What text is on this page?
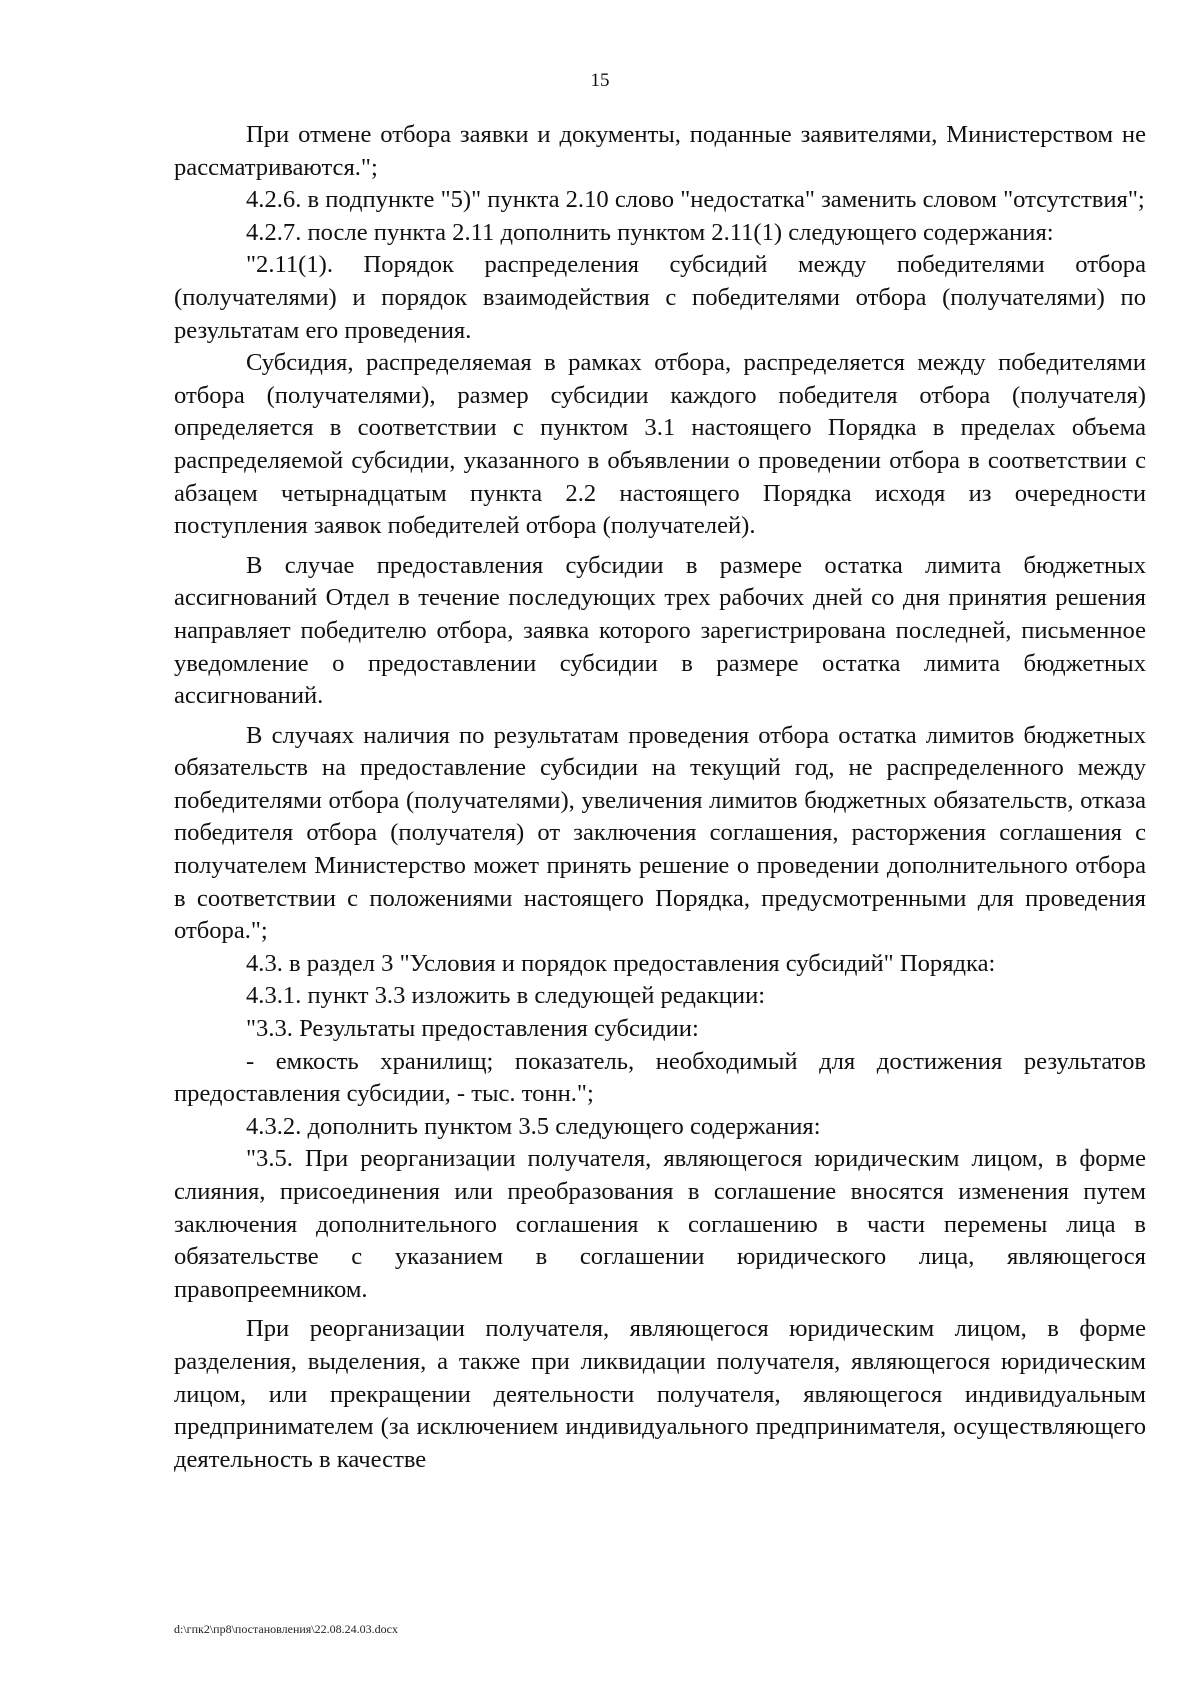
15

При отмене отбора заявки и документы, поданные заявителями, Министерством не рассматриваются.";

4.2.6. в подпункте "5)" пункта 2.10 слово "недостатка" заменить словом "отсутствия";

4.2.7. после пункта 2.11 дополнить пунктом 2.11(1) следующего содержания:

"2.11(1). Порядок распределения субсидий между победителями отбора (получателями) и порядок взаимодействия с победителями отбора (получателями) по результатам его проведения.

Субсидия, распределяемая в рамках отбора, распределяется между победителями отбора (получателями), размер субсидии каждого победителя отбора (получателя) определяется в соответствии с пунктом 3.1 настоящего Порядка в пределах объема распределяемой субсидии, указанного в объявлении о проведении отбора в соответствии с абзацем четырнадцатым пункта 2.2 настоящего Порядка исходя из очередности поступления заявок победителей отбора (получателей).

В случае предоставления субсидии в размере остатка лимита бюджетных ассигнований Отдел в течение последующих трех рабочих дней со дня принятия решения направляет победителю отбора, заявка которого зарегистрирована последней, письменное уведомление о предоставлении субсидии в размере остатка лимита бюджетных ассигнований.

В случаях наличия по результатам проведения отбора остатка лимитов бюджетных обязательств на предоставление субсидии на текущий год, не распределенного между победителями отбора (получателями), увеличения лимитов бюджетных обязательств, отказа победителя отбора (получателя) от заключения соглашения, расторжения соглашения с получателем Министерство может принять решение о проведении дополнительного отбора в соответствии с положениями настоящего Порядка, предусмотренными для проведения отбора.";

4.3. в раздел 3 "Условия и порядок предоставления субсидий" Порядка:

4.3.1. пункт 3.3 изложить в следующей редакции:

"3.3. Результаты предоставления субсидии:

- емкость хранилищ; показатель, необходимый для достижения результатов предоставления субсидии, - тыс. тонн.";

4.3.2. дополнить пунктом 3.5 следующего содержания:

"3.5. При реорганизации получателя, являющегося юридическим лицом, в форме слияния, присоединения или преобразования в соглашение вносятся изменения путем заключения дополнительного соглашения к соглашению в части перемены лица в обязательстве с указанием в соглашении юридического лица, являющегося правопреемником.

При реорганизации получателя, являющегося юридическим лицом, в форме разделения, выделения, а также при ликвидации получателя, являющегося юридическим лицом, или прекращении деятельности получателя, являющегося индивидуальным предпринимателем (за исключением индивидуального предпринимателя, осуществляющего деятельность в качестве

d:\гпк2\пр8\постановления\22.08.24.03.docx
